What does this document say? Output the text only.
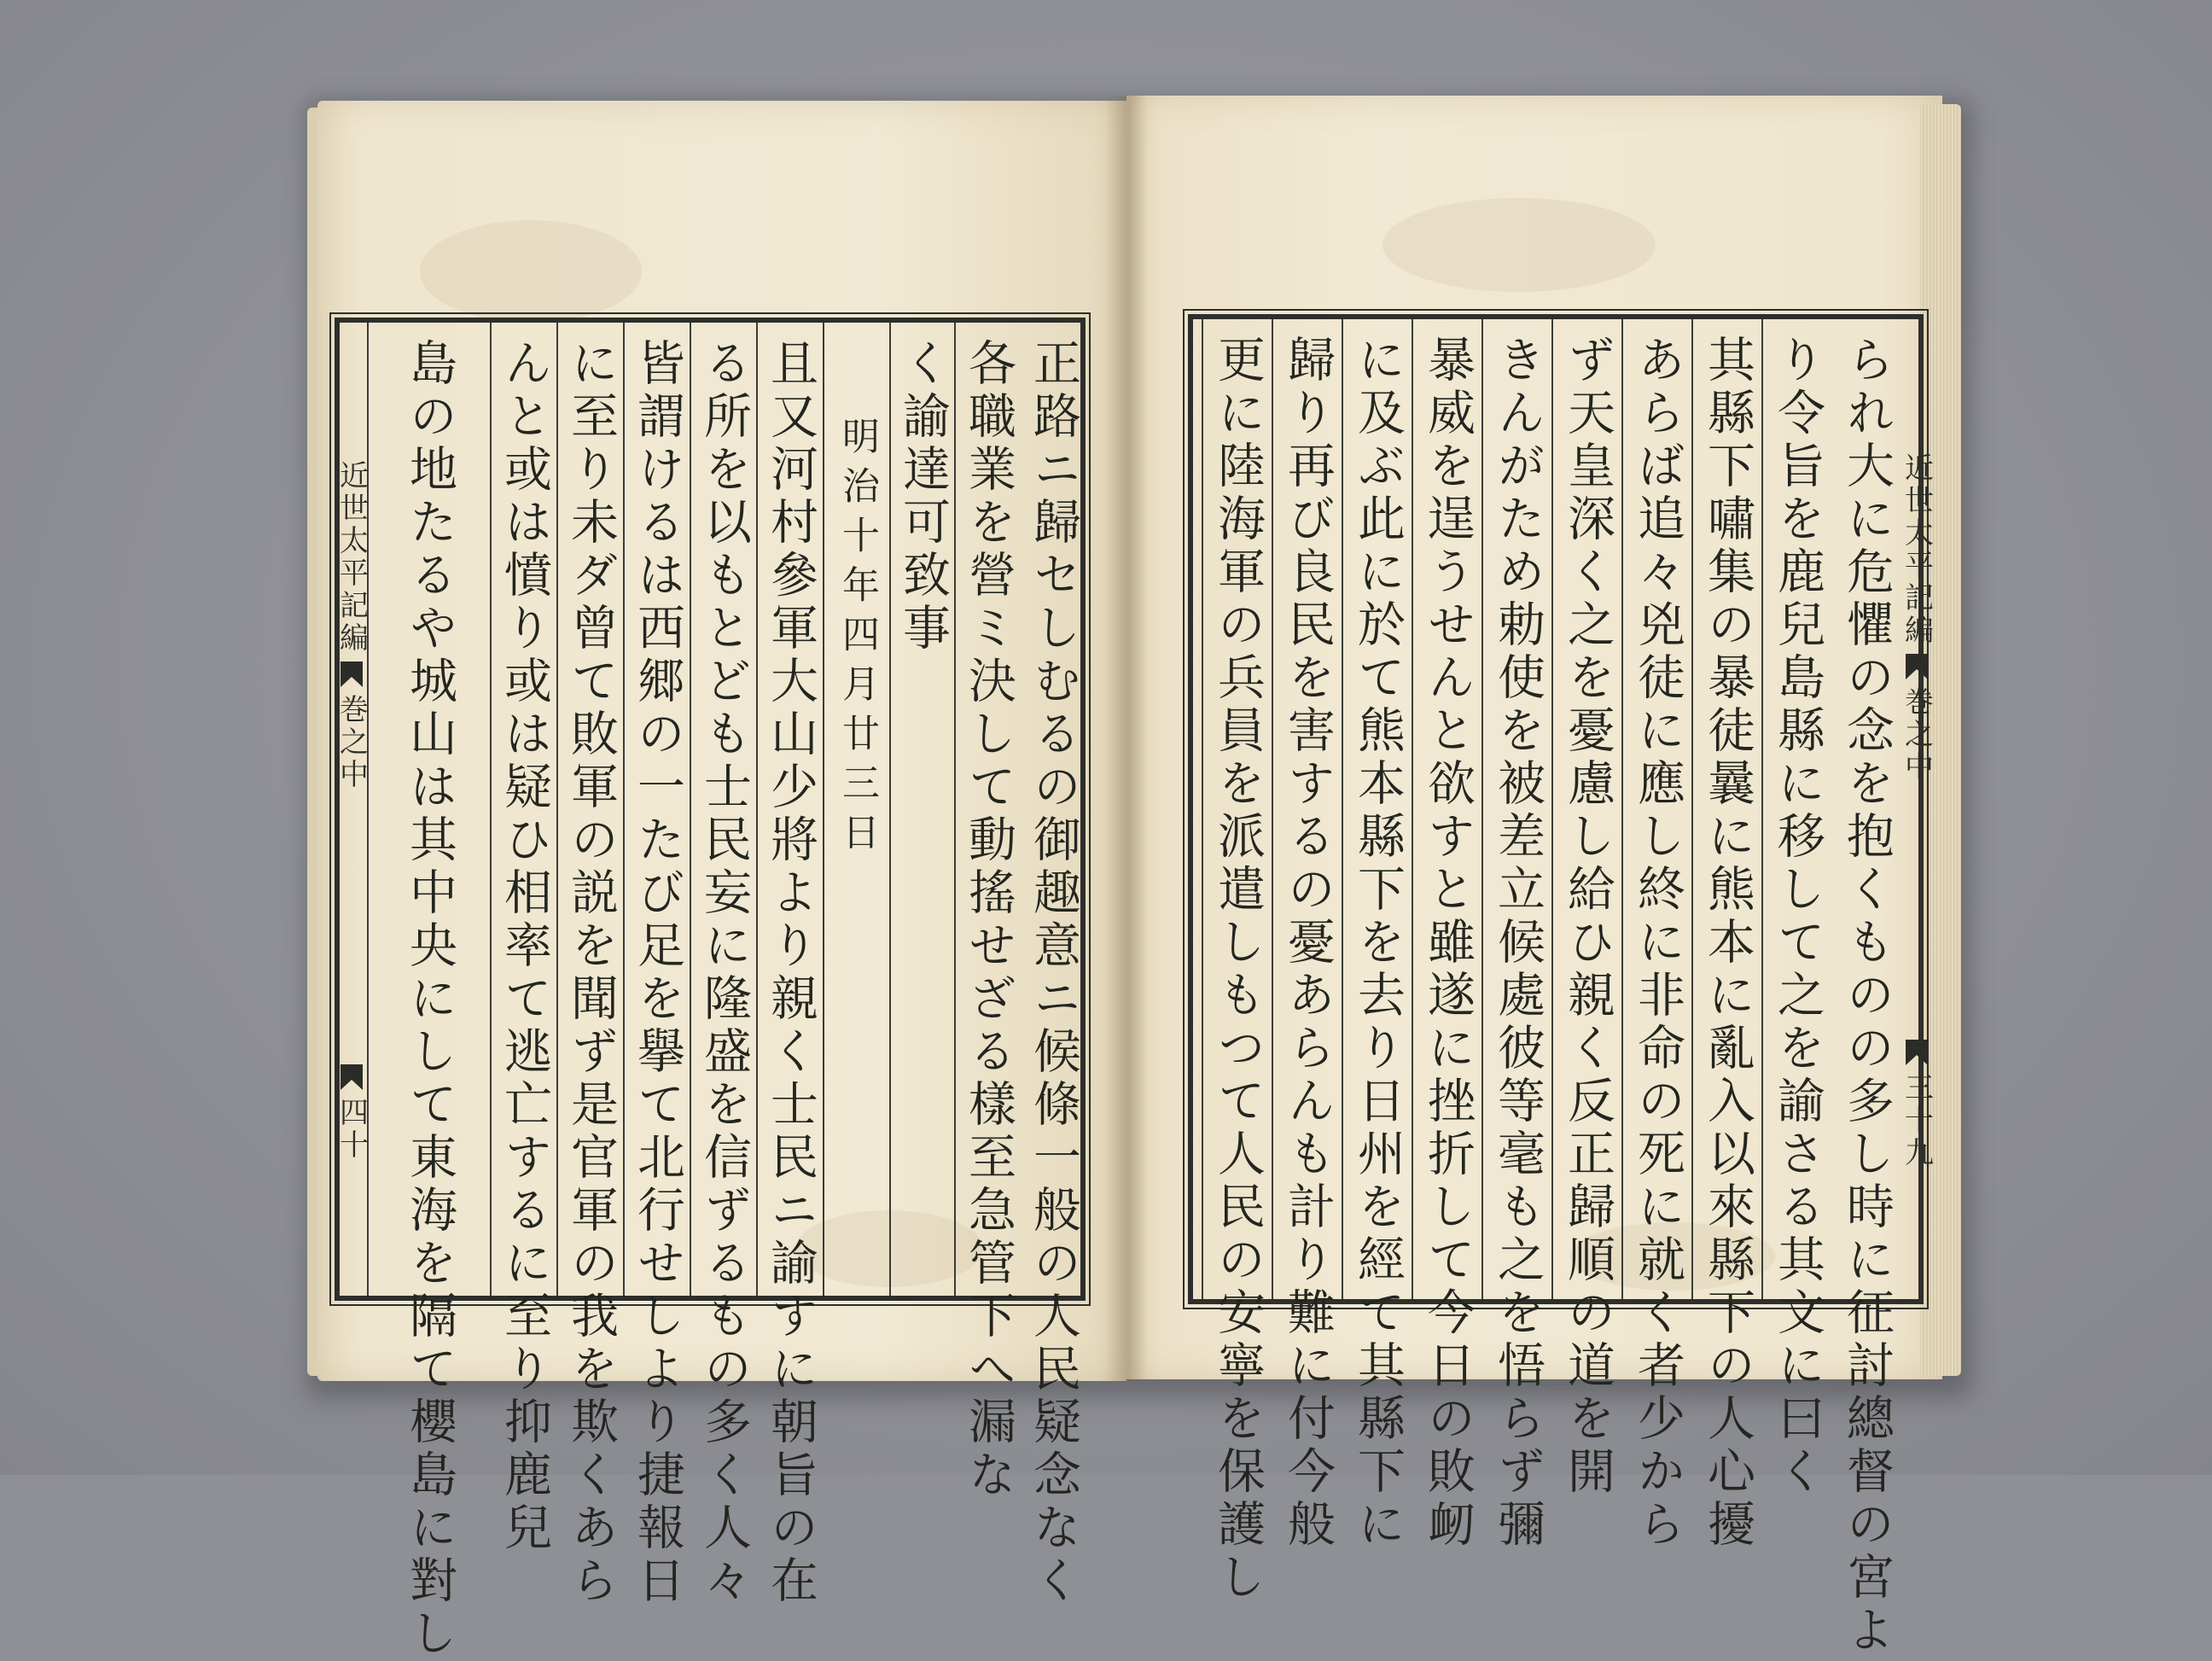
正路ニ歸セしむるの御趣意ニ候條一般の人民疑念なく
各職業を營ミ決して動搖せざる樣至急管下へ漏な
く諭達可致事
明治十年四月廿三日
且又河村參軍大山少將より親く士民ニ諭すに朝旨の在
る所を以もとども士民妄に隆盛を信ずるもの多く人々
皆謂けるは西郷の一たび足を擧て北行せしより捷報日
に至り未ダ曾て敗軍の説を聞ず是官軍の我を欺くあら
んと或は憤り或は疑ひ相率て逃亡するに至り抑鹿兒
島の地たるや城山は其中央にして東海を隔て櫻島に對し
近世太平記編
巻之中
四十	られ大に危懼の念を抱くものの多し時に征討總督の宮よ
り令旨を鹿兒島縣に移して之を諭さる其文に曰く
其縣下嘯集の暴徒曩に熊本に亂入以來縣下の人心擾
あらば追々兇徒に應し終に非命の死に就く者少から
ず天皇深く之を憂慮し給ひ親く反正歸順の道を開
きんがため勅使を被差立候處彼等毫も之を悟らず彌
暴威を逞うせんと欲すと雖遂に挫折して今日の敗衂
に及ぶ此に於て熊本縣下を去り日州を經て其縣下に
歸り再び良民を害するの憂あらんも計り難に付今般
更に陸海軍の兵員を派遣しもつて人民の安寧を保護し	近世太平記編
巻之中
三十九
